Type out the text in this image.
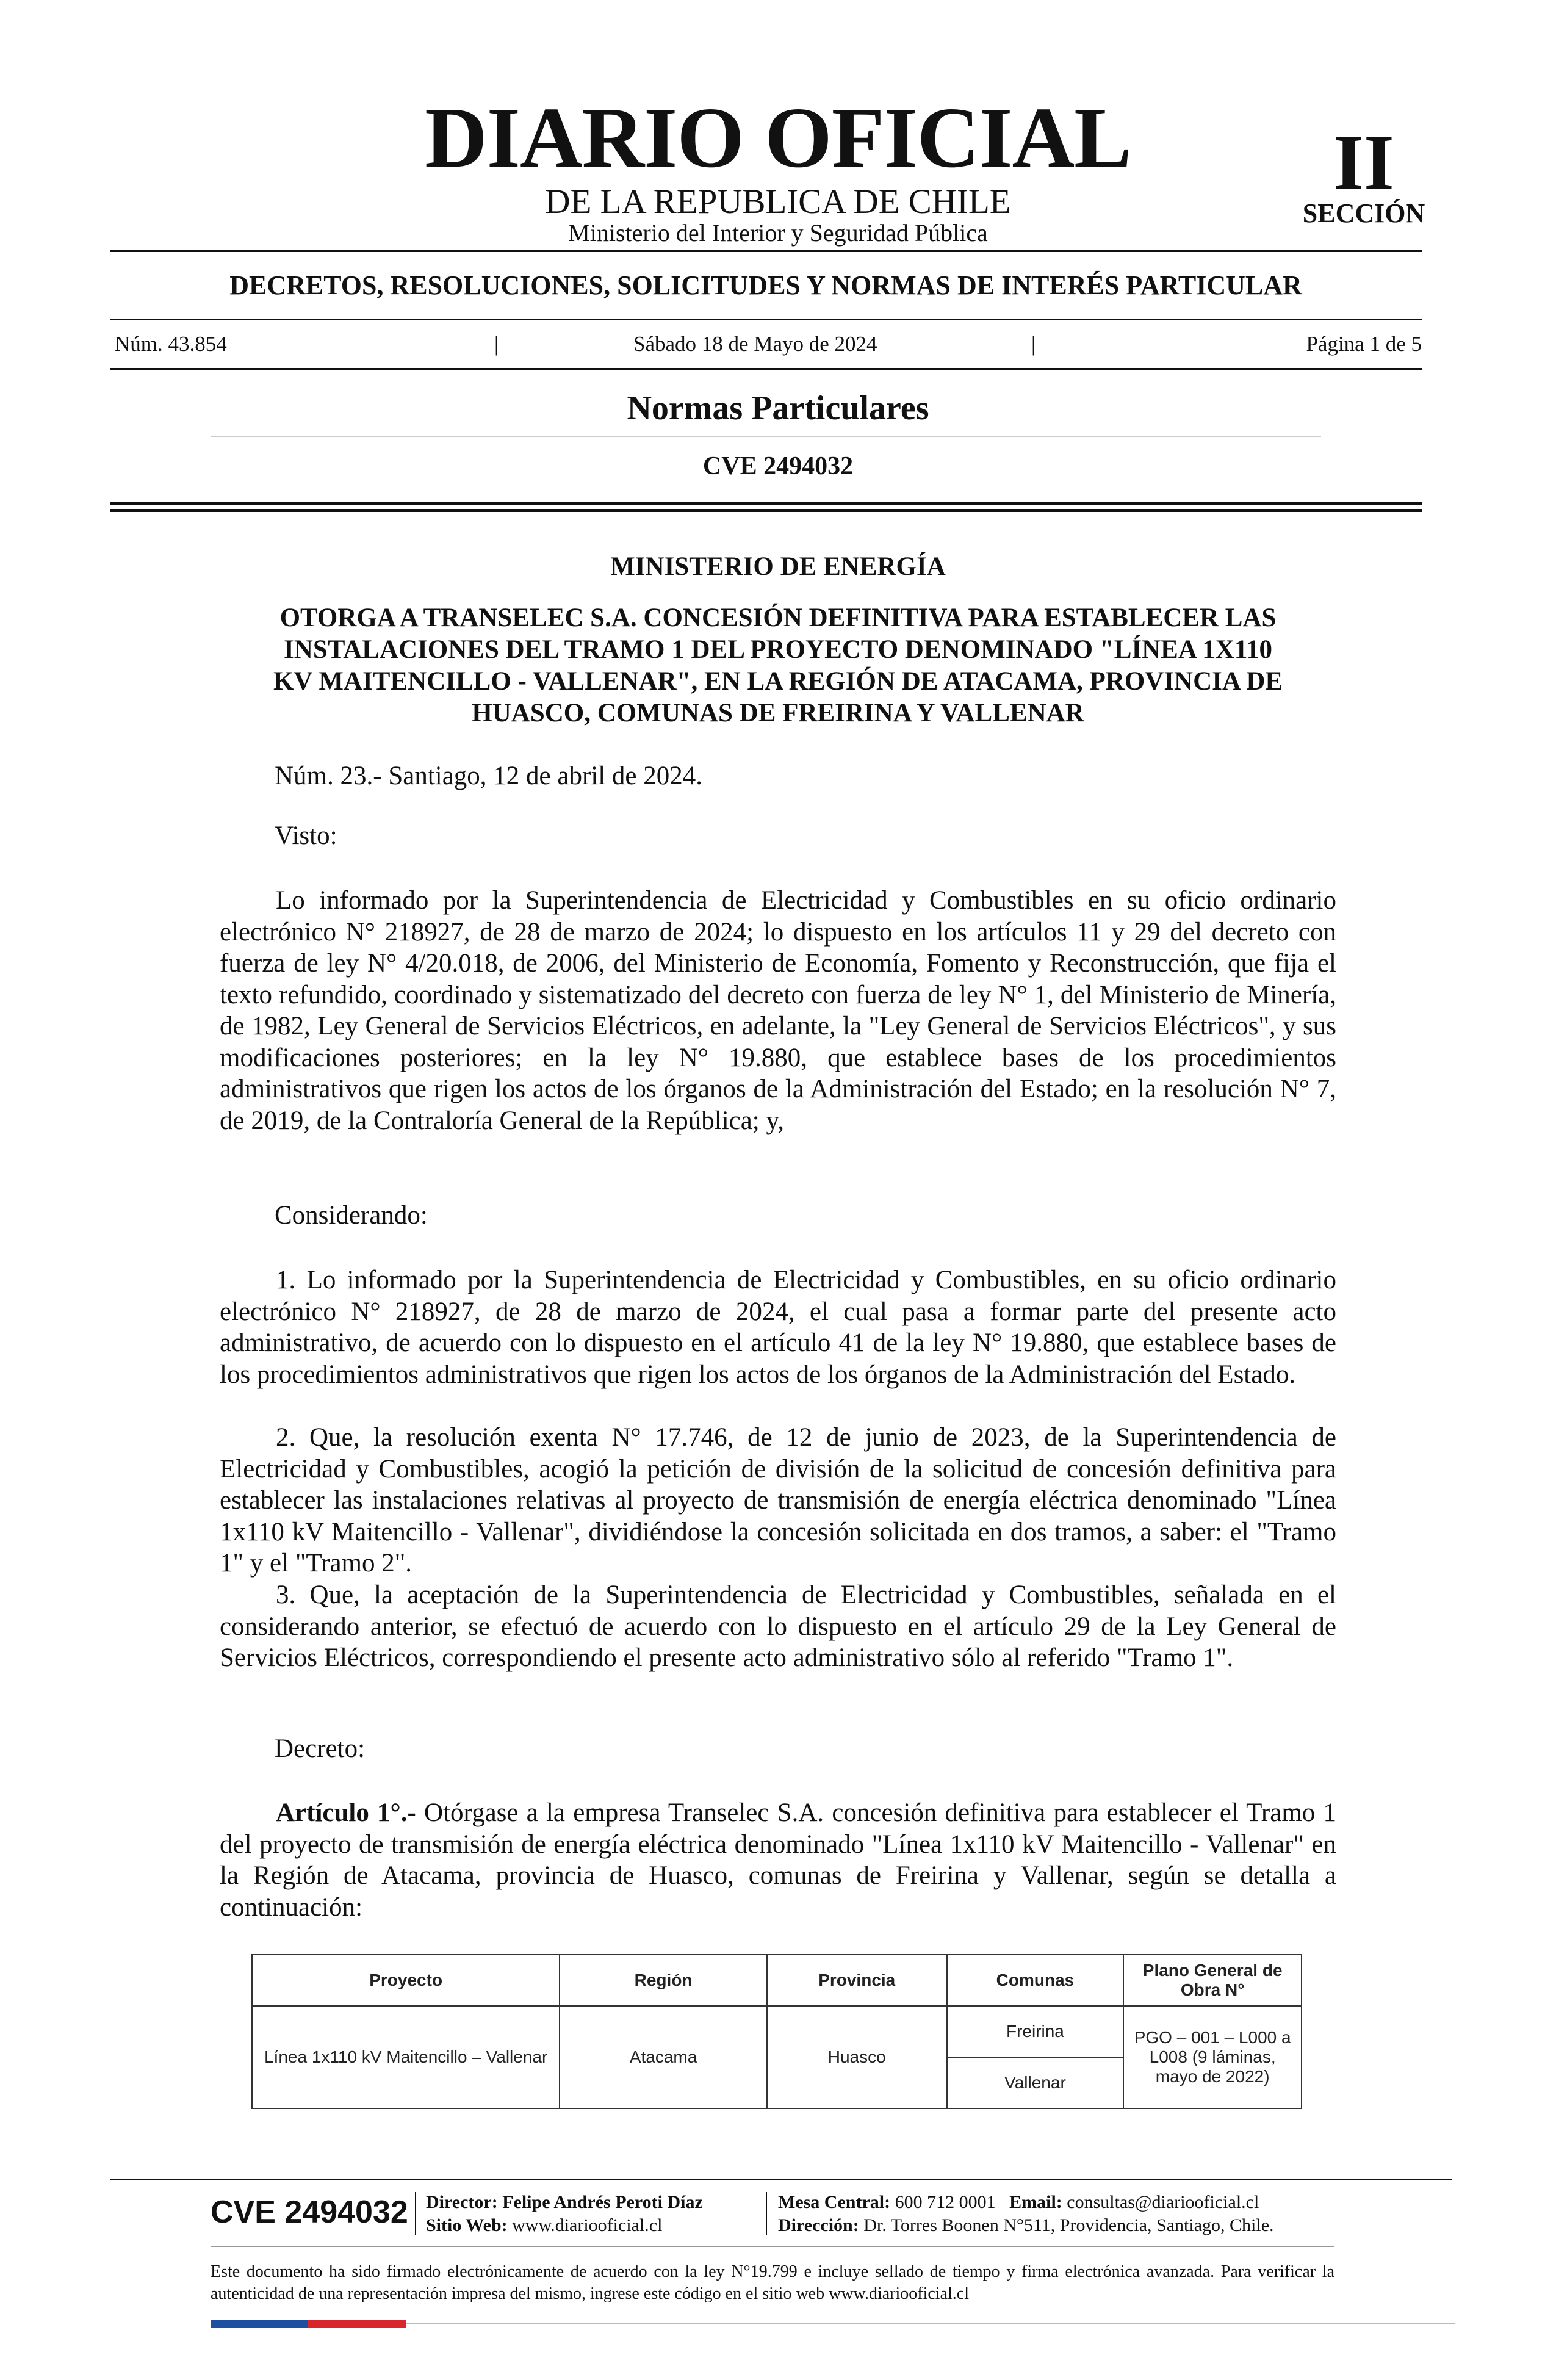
DIARIO OFICIAL
DE LA REPUBLICA DE CHILE
Ministerio del Interior y Seguridad Pública
II
SECCIÓN
DECRETOS, RESOLUCIONES, SOLICITUDES Y NORMAS DE INTERÉS PARTICULAR
Núm. 43.854	|	Sábado 18 de Mayo de 2024	|	Página 1 de 5
Normas Particulares
CVE 2494032
MINISTERIO DE ENERGÍA
OTORGA A TRANSELEC S.A. CONCESIÓN DEFINITIVA PARA ESTABLECER LAS
INSTALACIONES DEL TRAMO 1 DEL PROYECTO DENOMINADO "LÍNEA 1X110
KV MAITENCILLO - VALLENAR", EN LA REGIÓN DE ATACAMA, PROVINCIA DE
HUASCO, COMUNAS DE FREIRINA Y VALLENAR
Núm. 23.- Santiago, 12 de abril de 2024.
Visto:
Lo informado por la Superintendencia de Electricidad y Combustibles en su oficio ordinario electrónico N° 218927, de 28 de marzo de 2024; lo dispuesto en los artículos 11 y 29 del decreto con fuerza de ley N° 4/20.018, de 2006, del Ministerio de Economía, Fomento y Reconstrucción, que fija el texto refundido, coordinado y sistematizado del decreto con fuerza de ley N° 1, del Ministerio de Minería, de 1982, Ley General de Servicios Eléctricos, en adelante, la "Ley General de Servicios Eléctricos", y sus modificaciones posteriores; en la ley N° 19.880, que establece bases de los procedimientos administrativos que rigen los actos de los órganos de la Administración del Estado; en la resolución N° 7, de 2019, de la Contraloría General de la República; y,
Considerando:
1. Lo informado por la Superintendencia de Electricidad y Combustibles, en su oficio ordinario electrónico N° 218927, de 28 de marzo de 2024, el cual pasa a formar parte del presente acto administrativo, de acuerdo con lo dispuesto en el artículo 41 de la ley N° 19.880, que establece bases de los procedimientos administrativos que rigen los actos de los órganos de la Administración del Estado.
2. Que, la resolución exenta N° 17.746, de 12 de junio de 2023, de la Superintendencia de Electricidad y Combustibles, acogió la petición de división de la solicitud de concesión definitiva para establecer las instalaciones relativas al proyecto de transmisión de energía eléctrica denominado "Línea 1x110 kV Maitencillo - Vallenar", dividiéndose la concesión solicitada en dos tramos, a saber: el "Tramo 1" y el "Tramo 2".
3. Que, la aceptación de la Superintendencia de Electricidad y Combustibles, señalada en el considerando anterior, se efectuó de acuerdo con lo dispuesto en el artículo 29 de la Ley General de Servicios Eléctricos, correspondiendo el presente acto administrativo sólo al referido "Tramo 1".
Decreto:
Artículo 1°.- Otórgase a la empresa Transelec S.A. concesión definitiva para establecer el Tramo 1 del proyecto de transmisión de energía eléctrica denominado "Línea 1x110 kV Maitencillo - Vallenar" en la Región de Atacama, provincia de Huasco, comunas de Freirina y Vallenar, según se detalla a continuación:
Proyecto	Región	Provincia	Comunas	Plano General de Obra N°
Línea 1x110 kV Maitencillo – Vallenar	Atacama	Huasco	Freirina	PGO – 001 – L000 a L008 (9 láminas, mayo de 2022)
			Vallenar	
CVE 2494032 Director: Felipe Andrés Peroti Díaz
Sitio Web: www.diariooficial.cl
Mesa Central: 600 712 0001 Email: consultas@diariooficial.cl
Dirección: Dr. Torres Boonen N°511, Providencia, Santiago, Chile.
Este documento ha sido firmado electrónicamente de acuerdo con la ley N°19.799 e incluye sellado de tiempo y firma electrónica avanzada. Para verificar la autenticidad de una representación impresa del mismo, ingrese este código en el sitio web www.diariooficial.cl
